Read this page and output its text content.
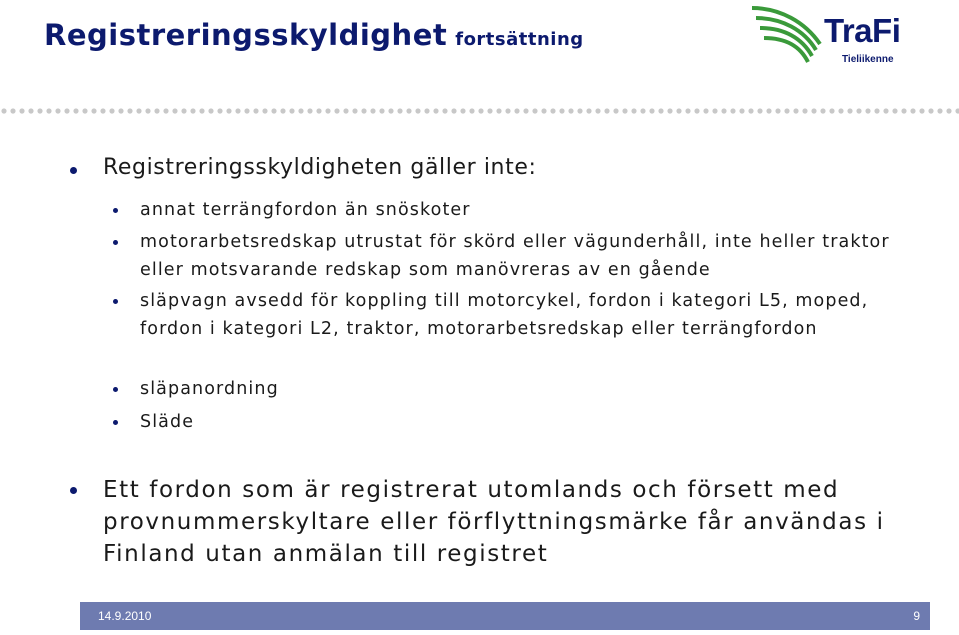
Registreringsskyldighet fortsättning	TraFi
Tieliikenne
Registreringsskyldigheten gäller inte:
annat terrängfordon än snöskoter
motorarbetsredskap utrustat för skörd eller vägunderhåll, inte heller traktor eller motsvarande redskap som manövreras av en gående
släpvagn avsedd för koppling till motorcykel, fordon i kategori L5, moped, fordon i kategori L2, traktor, motorarbetsredskap eller terrängfordon
släpanordning
Släde
Ett fordon som är registrerat utomlands och försett med provnummerskyltare eller förflyttningsmärke får användas i Finland utan anmälan till registret
14.9.2010	9
